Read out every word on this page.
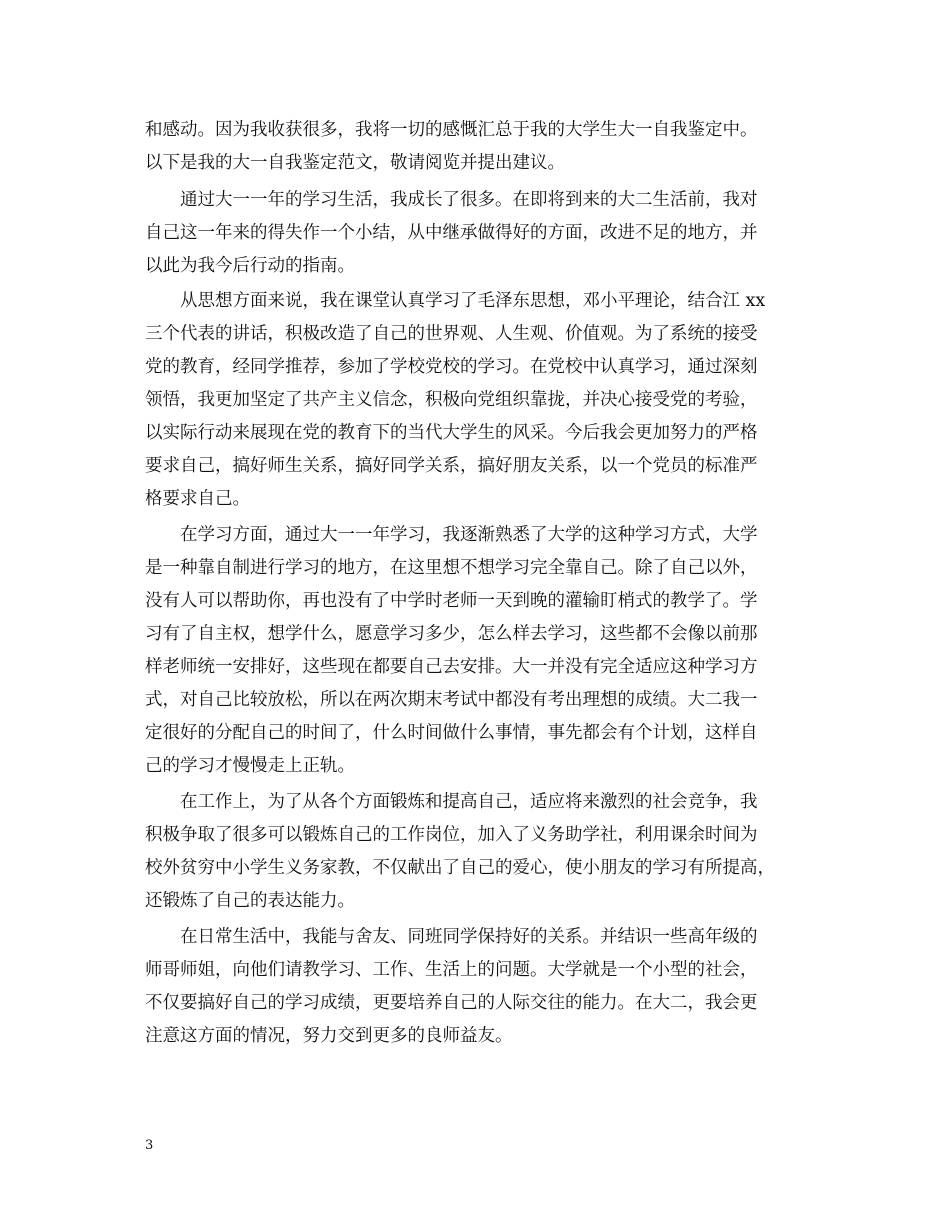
和感动。因为我收获很多，我将一切的感慨汇总于我的大学生大一自我鉴定中。
以下是我的大一自我鉴定范文，敬请阅览并提出建议。
　　通过大一一年的学习生活，我成长了很多。在即将到来的大二生活前，我对
自己这一年来的得失作一个小结，从中继承做得好的方面，改进不足的地方，并
以此为我今后行动的指南。
　　从思想方面来说，我在课堂认真学习了毛泽东思想，邓小平理论，结合江 xx
三个代表的讲话，积极改造了自己的世界观、人生观、价值观。为了系统的接受
党的教育，经同学推荐，参加了学校党校的学习。在党校中认真学习，通过深刻
领悟，我更加坚定了共产主义信念，积极向党组织靠拢，并决心接受党的考验，
以实际行动来展现在党的教育下的当代大学生的风采。今后我会更加努力的严格
要求自己，搞好师生关系，搞好同学关系，搞好朋友关系，以一个党员的标准严
格要求自己。
　　在学习方面，通过大一一年学习，我逐渐熟悉了大学的这种学习方式，大学
是一种靠自制进行学习的地方，在这里想不想学习完全靠自己。除了自己以外，
没有人可以帮助你，再也没有了中学时老师一天到晚的灌输盯梢式的教学了。学
习有了自主权，想学什么，愿意学习多少，怎么样去学习，这些都不会像以前那
样老师统一安排好，这些现在都要自己去安排。大一并没有完全适应这种学习方
式，对自己比较放松，所以在两次期末考试中都没有考出理想的成绩。大二我一
定很好的分配自己的时间了，什么时间做什么事情，事先都会有个计划，这样自
己的学习才慢慢走上正轨。
　　在工作上，为了从各个方面锻炼和提高自己，适应将来激烈的社会竞争，我
积极争取了很多可以锻炼自己的工作岗位，加入了义务助学社，利用课余时间为
校外贫穷中小学生义务家教，不仅献出了自己的爱心，使小朋友的学习有所提高，
还锻炼了自己的表达能力。
　　在日常生活中，我能与舍友、同班同学保持好的关系。并结识一些高年级的
师哥师姐，向他们请教学习、工作、生活上的问题。大学就是一个小型的社会，
不仅要搞好自己的学习成绩，更要培养自己的人际交往的能力。在大二，我会更
注意这方面的情况，努力交到更多的良师益友。
3
